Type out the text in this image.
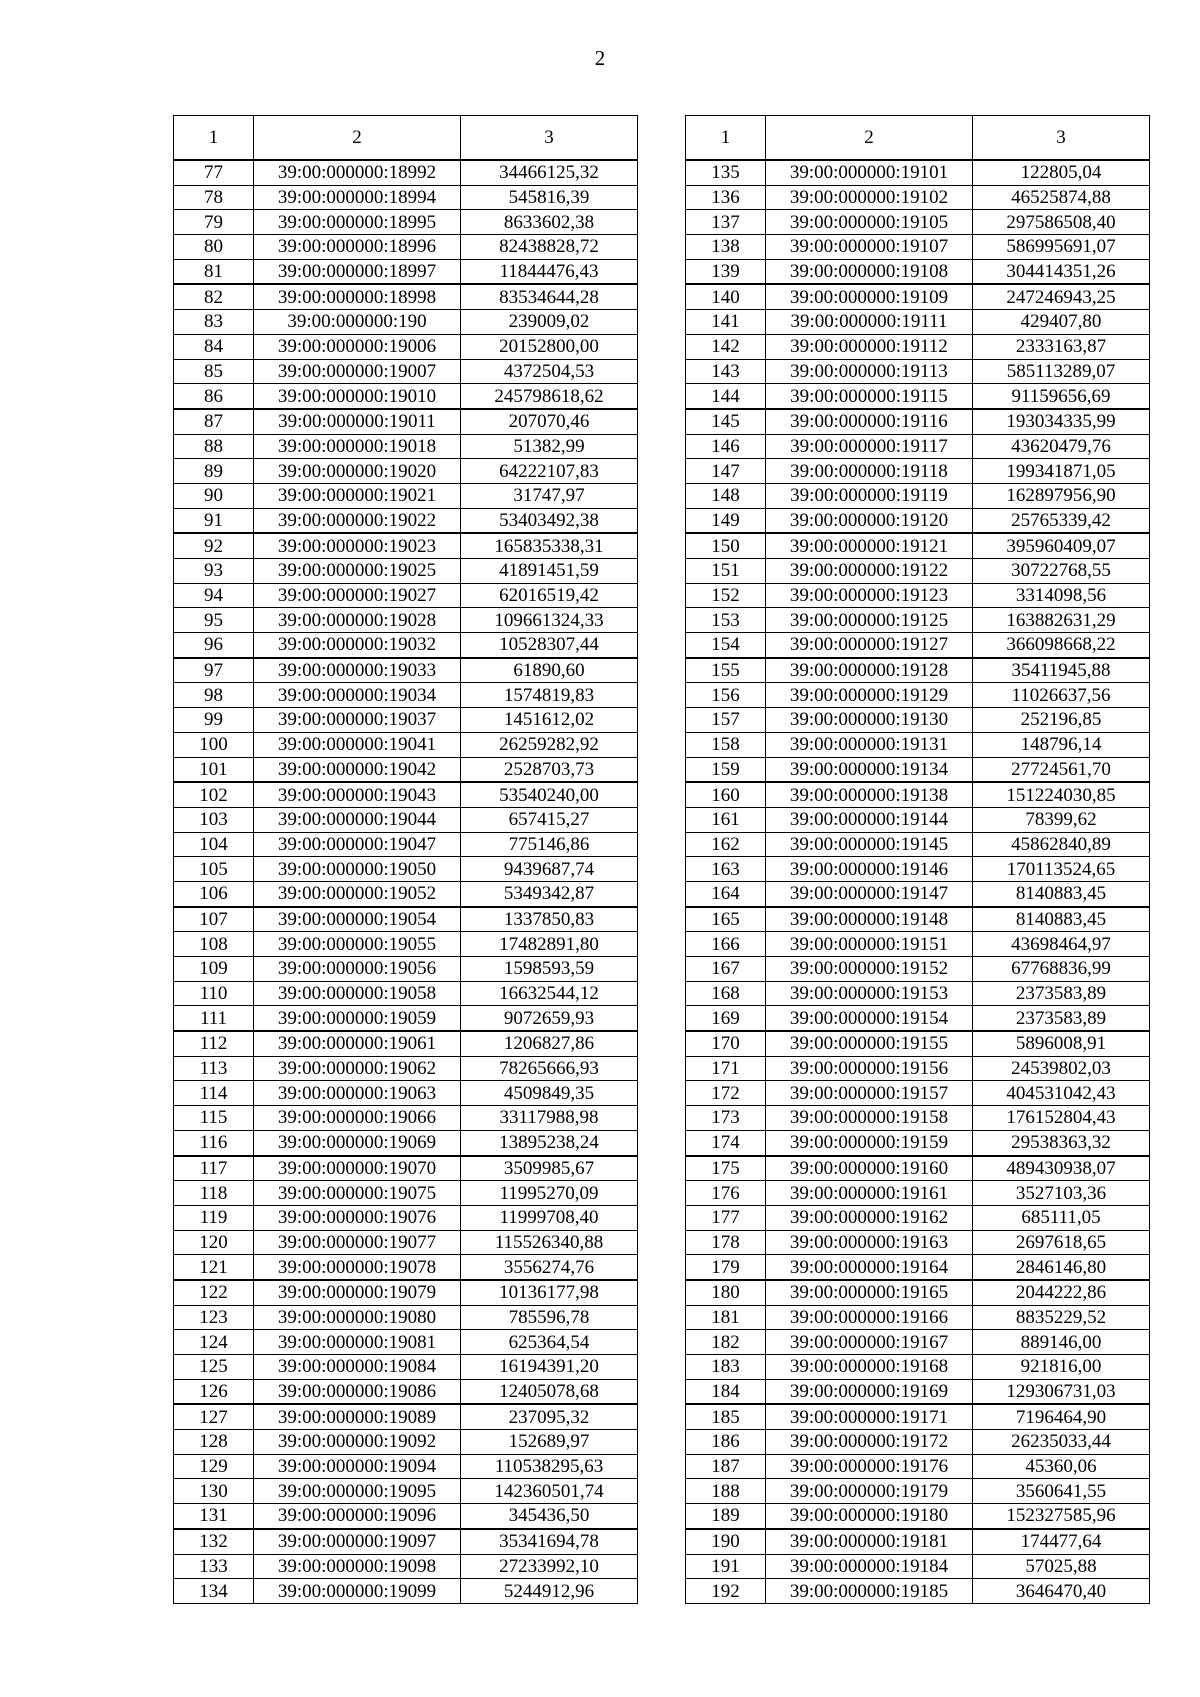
2
1	2	3
77	39:00:000000:18992	34466125,32
78	39:00:000000:18994	545816,39
79	39:00:000000:18995	8633602,38
80	39:00:000000:18996	82438828,72
81	39:00:000000:18997	11844476,43
82	39:00:000000:18998	83534644,28
83	39:00:000000:190	239009,02
84	39:00:000000:19006	20152800,00
85	39:00:000000:19007	4372504,53
86	39:00:000000:19010	245798618,62
87	39:00:000000:19011	207070,46
88	39:00:000000:19018	51382,99
89	39:00:000000:19020	64222107,83
90	39:00:000000:19021	31747,97
91	39:00:000000:19022	53403492,38
92	39:00:000000:19023	165835338,31
93	39:00:000000:19025	41891451,59
94	39:00:000000:19027	62016519,42
95	39:00:000000:19028	109661324,33
96	39:00:000000:19032	10528307,44
97	39:00:000000:19033	61890,60
98	39:00:000000:19034	1574819,83
99	39:00:000000:19037	1451612,02
100	39:00:000000:19041	26259282,92
101	39:00:000000:19042	2528703,73
102	39:00:000000:19043	53540240,00
103	39:00:000000:19044	657415,27
104	39:00:000000:19047	775146,86
105	39:00:000000:19050	9439687,74
106	39:00:000000:19052	5349342,87
107	39:00:000000:19054	1337850,83
108	39:00:000000:19055	17482891,80
109	39:00:000000:19056	1598593,59
110	39:00:000000:19058	16632544,12
111	39:00:000000:19059	9072659,93
112	39:00:000000:19061	1206827,86
113	39:00:000000:19062	78265666,93
114	39:00:000000:19063	4509849,35
115	39:00:000000:19066	33117988,98
116	39:00:000000:19069	13895238,24
117	39:00:000000:19070	3509985,67
118	39:00:000000:19075	11995270,09
119	39:00:000000:19076	11999708,40
120	39:00:000000:19077	115526340,88
121	39:00:000000:19078	3556274,76
122	39:00:000000:19079	10136177,98
123	39:00:000000:19080	785596,78
124	39:00:000000:19081	625364,54
125	39:00:000000:19084	16194391,20
126	39:00:000000:19086	12405078,68
127	39:00:000000:19089	237095,32
128	39:00:000000:19092	152689,97
129	39:00:000000:19094	110538295,63
130	39:00:000000:19095	142360501,74
131	39:00:000000:19096	345436,50
132	39:00:000000:19097	35341694,78
133	39:00:000000:19098	27233992,10
134	39:00:000000:19099	5244912,96
1	2	3
135	39:00:000000:19101	122805,04
136	39:00:000000:19102	46525874,88
137	39:00:000000:19105	297586508,40
138	39:00:000000:19107	586995691,07
139	39:00:000000:19108	304414351,26
140	39:00:000000:19109	247246943,25
141	39:00:000000:19111	429407,80
142	39:00:000000:19112	2333163,87
143	39:00:000000:19113	585113289,07
144	39:00:000000:19115	91159656,69
145	39:00:000000:19116	193034335,99
146	39:00:000000:19117	43620479,76
147	39:00:000000:19118	199341871,05
148	39:00:000000:19119	162897956,90
149	39:00:000000:19120	25765339,42
150	39:00:000000:19121	395960409,07
151	39:00:000000:19122	30722768,55
152	39:00:000000:19123	3314098,56
153	39:00:000000:19125	163882631,29
154	39:00:000000:19127	366098668,22
155	39:00:000000:19128	35411945,88
156	39:00:000000:19129	11026637,56
157	39:00:000000:19130	252196,85
158	39:00:000000:19131	148796,14
159	39:00:000000:19134	27724561,70
160	39:00:000000:19138	151224030,85
161	39:00:000000:19144	78399,62
162	39:00:000000:19145	45862840,89
163	39:00:000000:19146	170113524,65
164	39:00:000000:19147	8140883,45
165	39:00:000000:19148	8140883,45
166	39:00:000000:19151	43698464,97
167	39:00:000000:19152	67768836,99
168	39:00:000000:19153	2373583,89
169	39:00:000000:19154	2373583,89
170	39:00:000000:19155	5896008,91
171	39:00:000000:19156	24539802,03
172	39:00:000000:19157	404531042,43
173	39:00:000000:19158	176152804,43
174	39:00:000000:19159	29538363,32
175	39:00:000000:19160	489430938,07
176	39:00:000000:19161	3527103,36
177	39:00:000000:19162	685111,05
178	39:00:000000:19163	2697618,65
179	39:00:000000:19164	2846146,80
180	39:00:000000:19165	2044222,86
181	39:00:000000:19166	8835229,52
182	39:00:000000:19167	889146,00
183	39:00:000000:19168	921816,00
184	39:00:000000:19169	129306731,03
185	39:00:000000:19171	7196464,90
186	39:00:000000:19172	26235033,44
187	39:00:000000:19176	45360,06
188	39:00:000000:19179	3560641,55
189	39:00:000000:19180	152327585,96
190	39:00:000000:19181	174477,64
191	39:00:000000:19184	57025,88
192	39:00:000000:19185	3646470,40
